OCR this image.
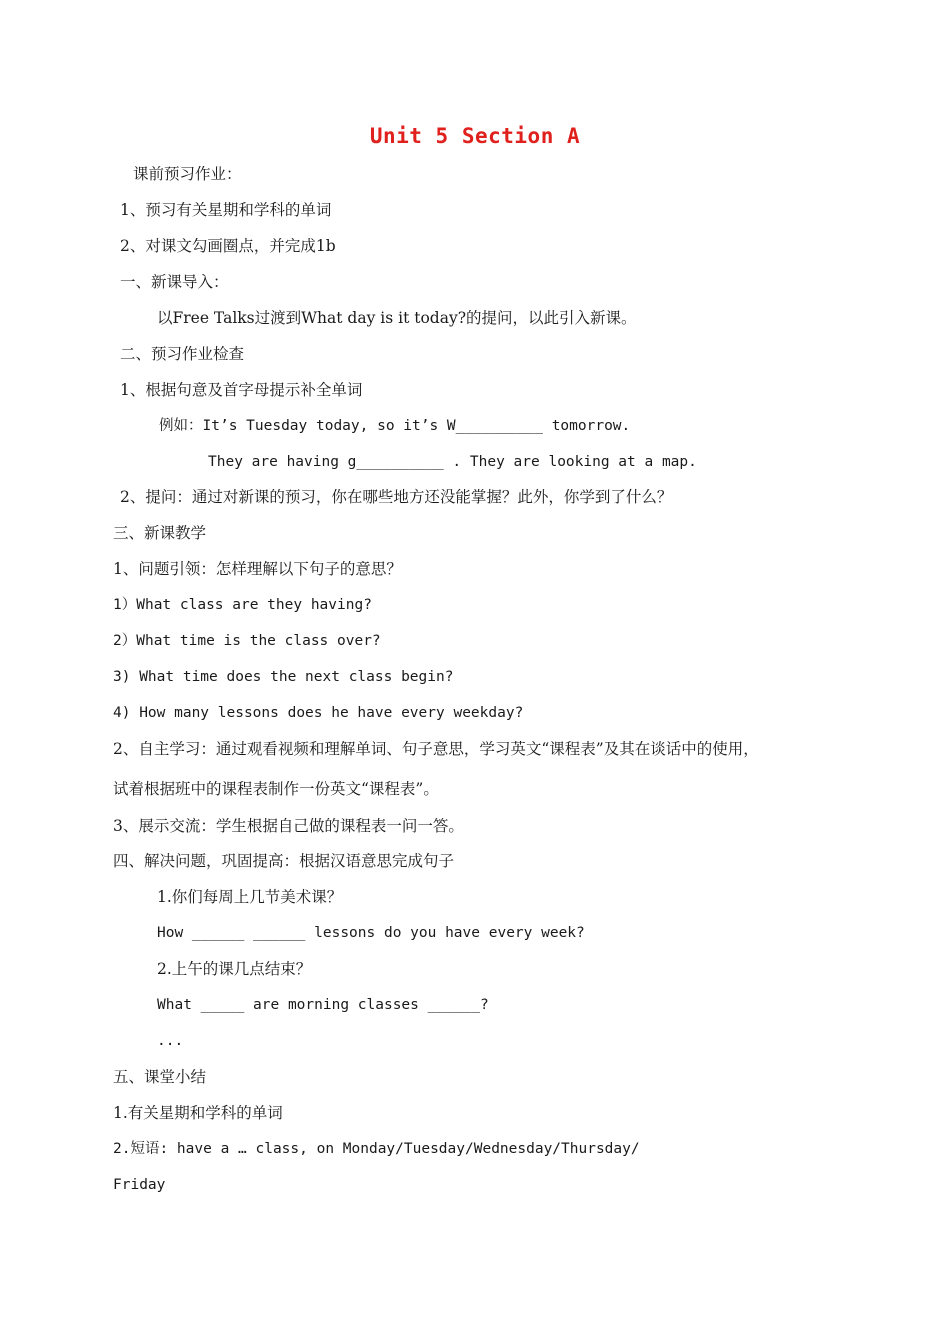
Unit 5 Section A
课前预习作业：
1、预习有关星期和学科的单词
2、对课文勾画圈点，并完成1b
一、新课导入：
以Free Talks过渡到What day is it today?的提问，以此引入新课。
二、预习作业检查
1、根据句意及首字母提示补全单词
例如：It’s Tuesday today, so it’s W__________ tomorrow.
They are having g__________ . They are looking at a map.
2、提问：通过对新课的预习，你在哪些地方还没能掌握？此外，你学到了什么？
三、新课教学
1、问题引领：怎样理解以下句子的意思？
1）What class are they having?
2）What time is the class over?
3) What time does the next class begin?
4) How many lessons does he have every weekday?
2、自主学习：通过观看视频和理解单词、句子意思，学习英文“课程表”及其在谈话中的使用，
试着根据班中的课程表制作一份英文“课程表”。
3、展示交流：学生根据自己做的课程表一问一答。
四、解决问题，巩固提高：根据汉语意思完成句子
1.你们每周上几节美术课？
How ______ ______ lessons do you have every week?
2.上午的课几点结束？
What _____ are morning classes ______?
...
五、课堂小结
1.有关星期和学科的单词
2.短语: have a … class, on Monday/Tuesday/Wednesday/Thursday/
Friday
